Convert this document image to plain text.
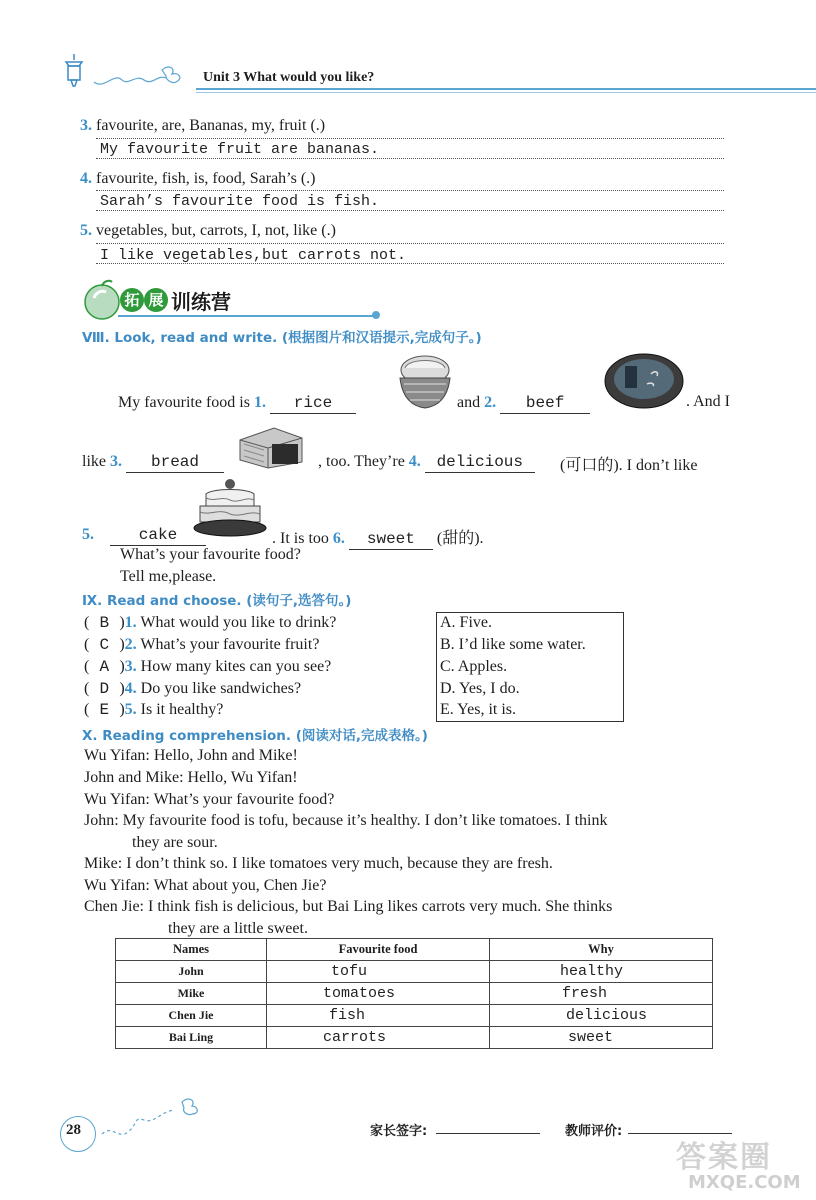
Unit 3 What would you like?
3. favourite, are, Bananas, my, fruit (.)
My favourite fruit are bananas.
4. favourite, fish, is, food, Sarah’s (.)
Sarah’s favourite food is fish.
5. vegetables, but, carrots, I, not, like (.)
I like vegetables,but carrots not.
拓 展 训练营
Ⅷ. Look, read and write. (根据图片和汉语提示,完成句子。)
My favourite food is 1. rice	and 2. beef	. And I
like 3. bread	, too. They’re 4. delicious	(可口的). I don’t like
5.	cake	. It is too 6. sweet (甜的).
What’s your favourite food?
Tell me,please.
Ⅸ. Read and choose. (读句子,选答句。)
( B )1. What would you like to drink?
( C )2. What’s your favourite fruit?
( A )3. How many kites can you see?
( D )4. Do you like sandwiches?
( E )5. Is it healthy?
A. Five.
B. I’d like some water.
C. Apples.
D. Yes, I do.
E. Yes, it is.
Ⅹ. Reading comprehension. (阅读对话,完成表格。)
Wu Yifan: Hello, John and Mike!
John and Mike: Hello, Wu Yifan!
Wu Yifan: What’s your favourite food?
John: My favourite food is tofu, because it’s healthy. I don’t like tomatoes. I think
they are sour.
Mike: I don’t think so. I like tomatoes very much, because they are fresh.
Wu Yifan: What about you, Chen Jie?
Chen Jie: I think fish is delicious, but Bai Ling likes carrots very much. She thinks
they are a little sweet.
Names	Favourite food	Why
John	tofu	healthy
Mike	tomatoes	fresh
Chen Jie	fish	delicious
Bai Ling	carrots	sweet
28	家长签字:	教师评价:
答案圈
MXQE.COM
